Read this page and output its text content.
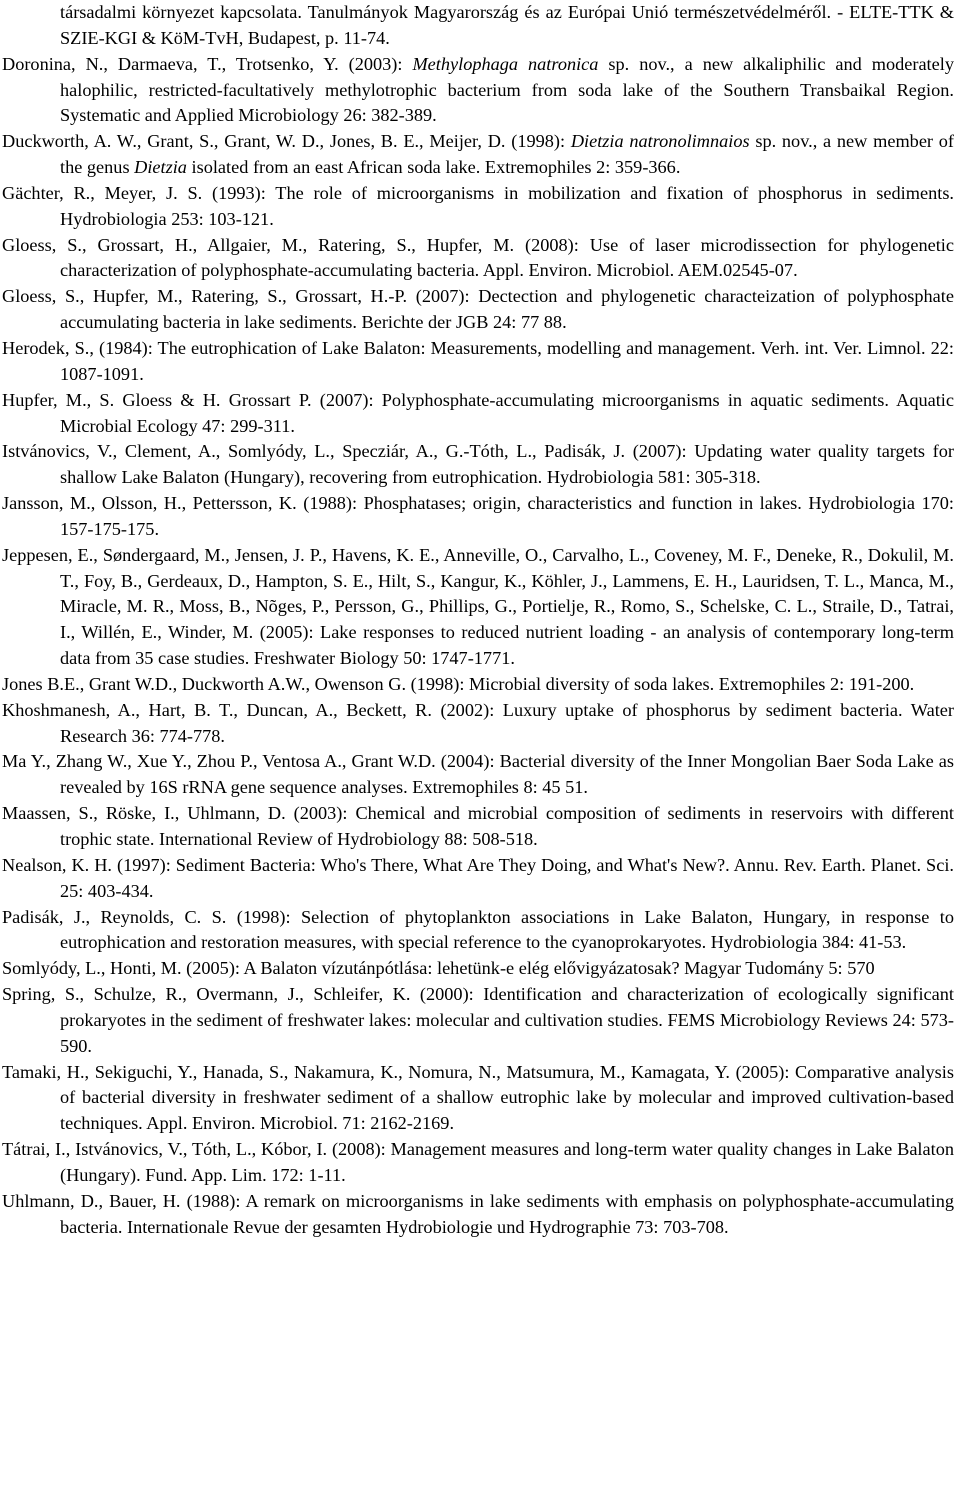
társadalmi környezet kapcsolata. Tanulmányok Magyarország és az Európai Unió természetvédelméről. - ELTE-TTK & SZIE-KGI & KöM-TvH, Budapest, p. 11-74.

Doronina, N., Darmaeva, T., Trotsenko, Y. (2003): Methylophaga natronica sp. nov., a new alkaliphilic and moderately halophilic, restricted-facultatively methylotrophic bacterium from soda lake of the Southern Transbaikal Region. Systematic and Applied Microbiology 26: 382-389.

Duckworth, A. W., Grant, S., Grant, W. D., Jones, B. E., Meijer, D. (1998): Dietzia natronolimnaios sp. nov., a new member of the genus Dietzia isolated from an east African soda lake. Extremophiles 2: 359-366.

Gächter, R., Meyer, J. S. (1993): The role of microorganisms in mobilization and fixation of phosphorus in sediments. Hydrobiologia 253: 103-121.

Gloess, S., Grossart, H., Allgaier, M., Ratering, S., Hupfer, M. (2008): Use of laser microdissection for phylogenetic characterization of polyphosphate-accumulating bacteria. Appl. Environ. Microbiol. AEM.02545-07.

Gloess, S., Hupfer, M., Ratering, S., Grossart, H.-P. (2007): Dectection and phylogenetic characteization of polyphosphate accumulating bacteria in lake sediments. Berichte der JGB 24: 77 88.

Herodek, S., (1984): The eutrophication of Lake Balaton: Measurements, modelling and management. Verh. int. Ver. Limnol. 22: 1087-1091.

Hupfer, M., S. Gloess & H. Grossart P. (2007): Polyphosphate-accumulating microorganisms in aquatic sediments. Aquatic Microbial Ecology 47: 299-311.

Istvánovics, V., Clement, A., Somlyódy, L., Specziár, A., G.-Tóth, L., Padisák, J. (2007): Updating water quality targets for shallow Lake Balaton (Hungary), recovering from eutrophication. Hydrobiologia 581: 305-318.

Jansson, M., Olsson, H., Pettersson, K. (1988): Phosphatases; origin, characteristics and function in lakes. Hydrobiologia 170: 157-175-175.

Jeppesen, E., Søndergaard, M., Jensen, J. P., Havens, K. E., Anneville, O., Carvalho, L., Coveney, M. F., Deneke, R., Dokulil, M. T., Foy, B., Gerdeaux, D., Hampton, S. E., Hilt, S., Kangur, K., Köhler, J., Lammens, E. H., Lauridsen, T. L., Manca, M., Miracle, M. R., Moss, B., Nõges, P., Persson, G., Phillips, G., Portielje, R., Romo, S., Schelske, C. L., Straile, D., Tatrai, I., Willén, E., Winder, M. (2005): Lake responses to reduced nutrient loading - an analysis of contemporary long-term data from 35 case studies. Freshwater Biology 50: 1747-1771.

Jones B.E., Grant W.D., Duckworth A.W., Owenson G. (1998): Microbial diversity of soda lakes. Extremophiles 2: 191-200.

Khoshmanesh, A., Hart, B. T., Duncan, A., Beckett, R. (2002): Luxury uptake of phosphorus by sediment bacteria. Water Research 36: 774-778.

Ma Y., Zhang W., Xue Y., Zhou P., Ventosa A., Grant W.D. (2004): Bacterial diversity of the Inner Mongolian Baer Soda Lake as revealed by 16S rRNA gene sequence analyses. Extremophiles 8: 45 51.

Maassen, S., Röske, I., Uhlmann, D. (2003): Chemical and microbial composition of sediments in reservoirs with different trophic state. International Review of Hydrobiology 88: 508-518.

Nealson, K. H. (1997): Sediment Bacteria: Who's There, What Are They Doing, and What's New?. Annu. Rev. Earth. Planet. Sci. 25: 403-434.

Padisák, J., Reynolds, C. S. (1998): Selection of phytoplankton associations in Lake Balaton, Hungary, in response to eutrophication and restoration measures, with special reference to the cyanoprokaryotes. Hydrobiologia 384: 41-53.

Somlyódy, L., Honti, M. (2005): A Balaton vízutánpótlása: lehetünk-e elég elővigyázatosak? Magyar Tudomány 5: 570

Spring, S., Schulze, R., Overmann, J., Schleifer, K. (2000): Identification and characterization of ecologically significant prokaryotes in the sediment of freshwater lakes: molecular and cultivation studies. FEMS Microbiology Reviews 24: 573-590.

Tamaki, H., Sekiguchi, Y., Hanada, S., Nakamura, K., Nomura, N., Matsumura, M., Kamagata, Y. (2005): Comparative analysis of bacterial diversity in freshwater sediment of a shallow eutrophic lake by molecular and improved cultivation-based techniques. Appl. Environ. Microbiol. 71: 2162-2169.

Tátrai, I., Istvánovics, V., Tóth, L., Kóbor, I. (2008): Management measures and long-term water quality changes in Lake Balaton (Hungary). Fund. App. Lim. 172: 1-11.

Uhlmann, D., Bauer, H. (1988): A remark on microorganisms in lake sediments with emphasis on polyphosphate-accumulating bacteria. Internationale Revue der gesamten Hydrobiologie und Hydrographie 73: 703-708.
